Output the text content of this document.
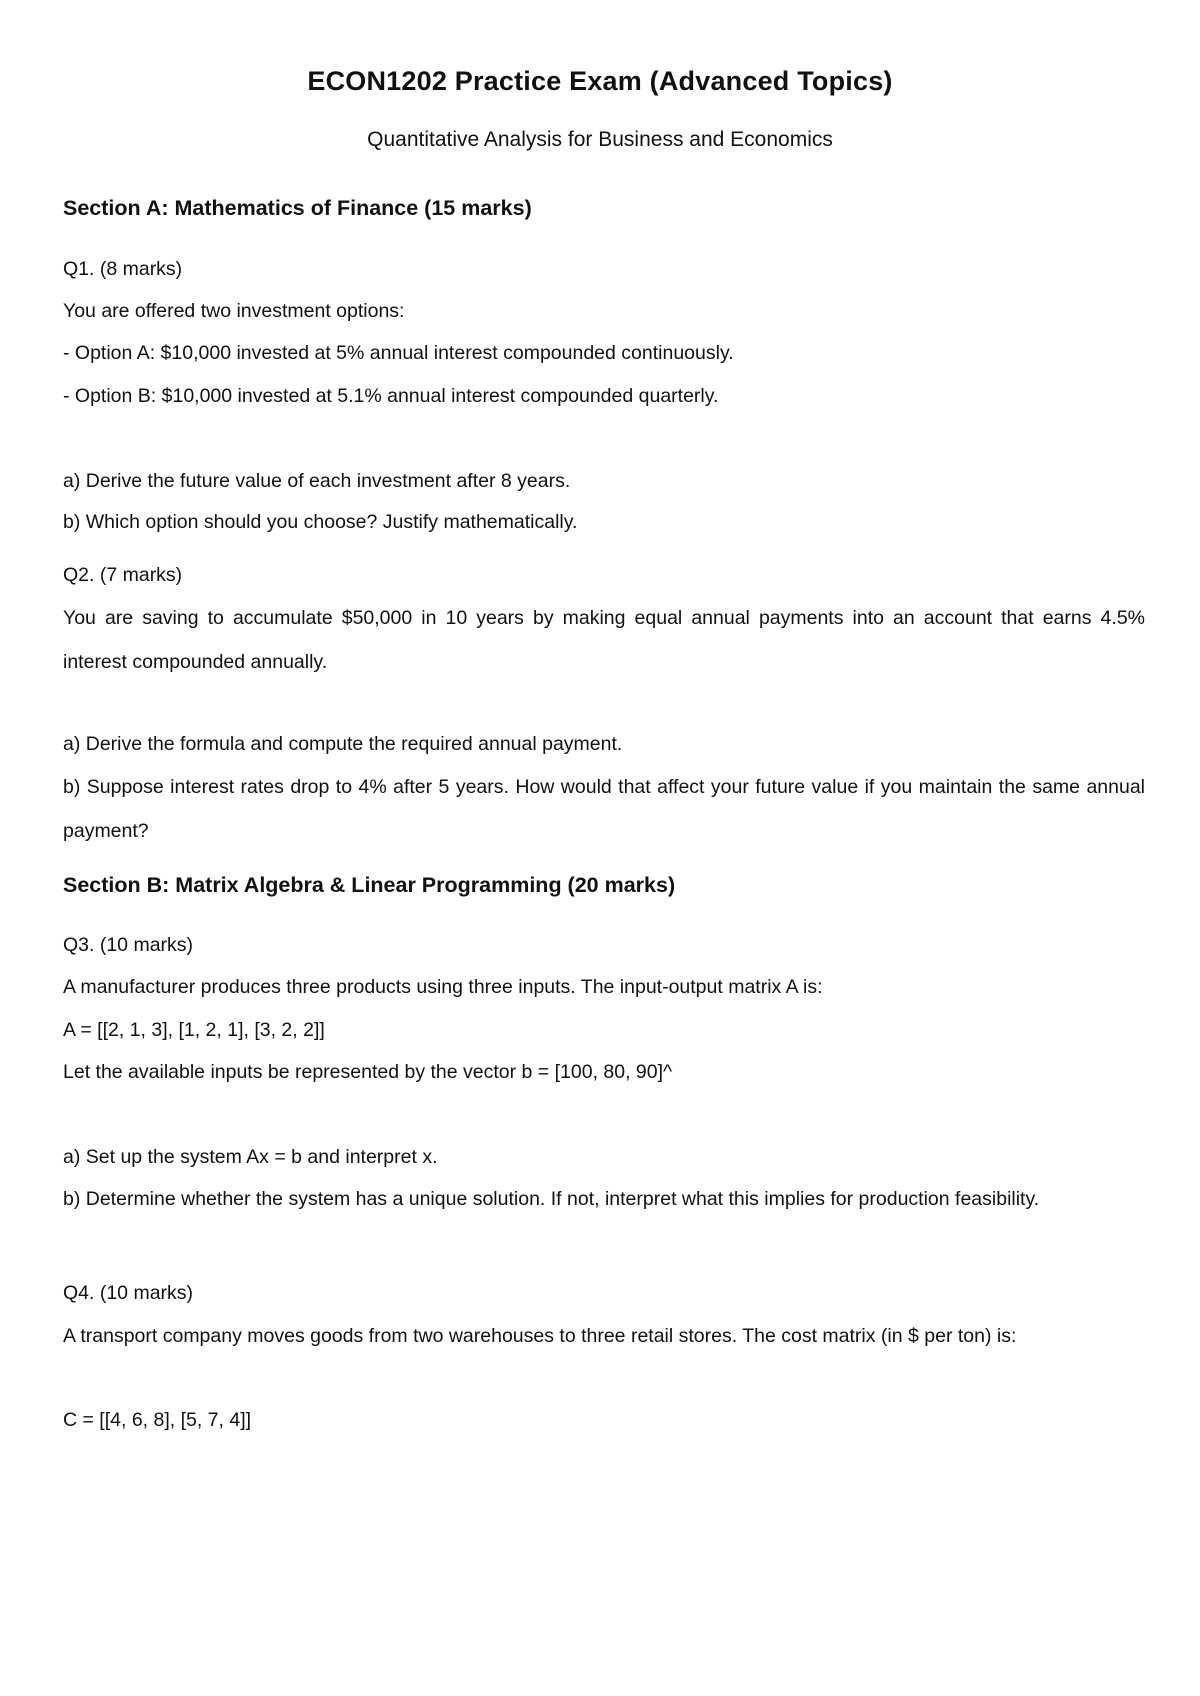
ECON1202 Practice Exam (Advanced Topics)
Quantitative Analysis for Business and Economics
Section A: Mathematics of Finance (15 marks)
Q1. (8 marks)
You are offered two investment options:
- Option A: $10,000 invested at 5% annual interest compounded continuously.
- Option B: $10,000 invested at 5.1% annual interest compounded quarterly.
a) Derive the future value of each investment after 8 years.
b) Which option should you choose? Justify mathematically.
Q2. (7 marks)
You are saving to accumulate $50,000 in 10 years by making equal annual payments into an account that earns 4.5% interest compounded annually.
a) Derive the formula and compute the required annual payment.
b) Suppose interest rates drop to 4% after 5 years. How would that affect your future value if you maintain the same annual payment?
Section B: Matrix Algebra & Linear Programming (20 marks)
Q3. (10 marks)
A manufacturer produces three products using three inputs. The input-output matrix A is:
A = [[2, 1, 3], [1, 2, 1], [3, 2, 2]]
Let the available inputs be represented by the vector b = [100, 80, 90]^
a) Set up the system Ax = b and interpret x.
b) Determine whether the system has a unique solution. If not, interpret what this implies for production feasibility.
Q4. (10 marks)
A transport company moves goods from two warehouses to three retail stores. The cost matrix (in $ per ton) is:
C = [[4, 6, 8], [5, 7, 4]]
